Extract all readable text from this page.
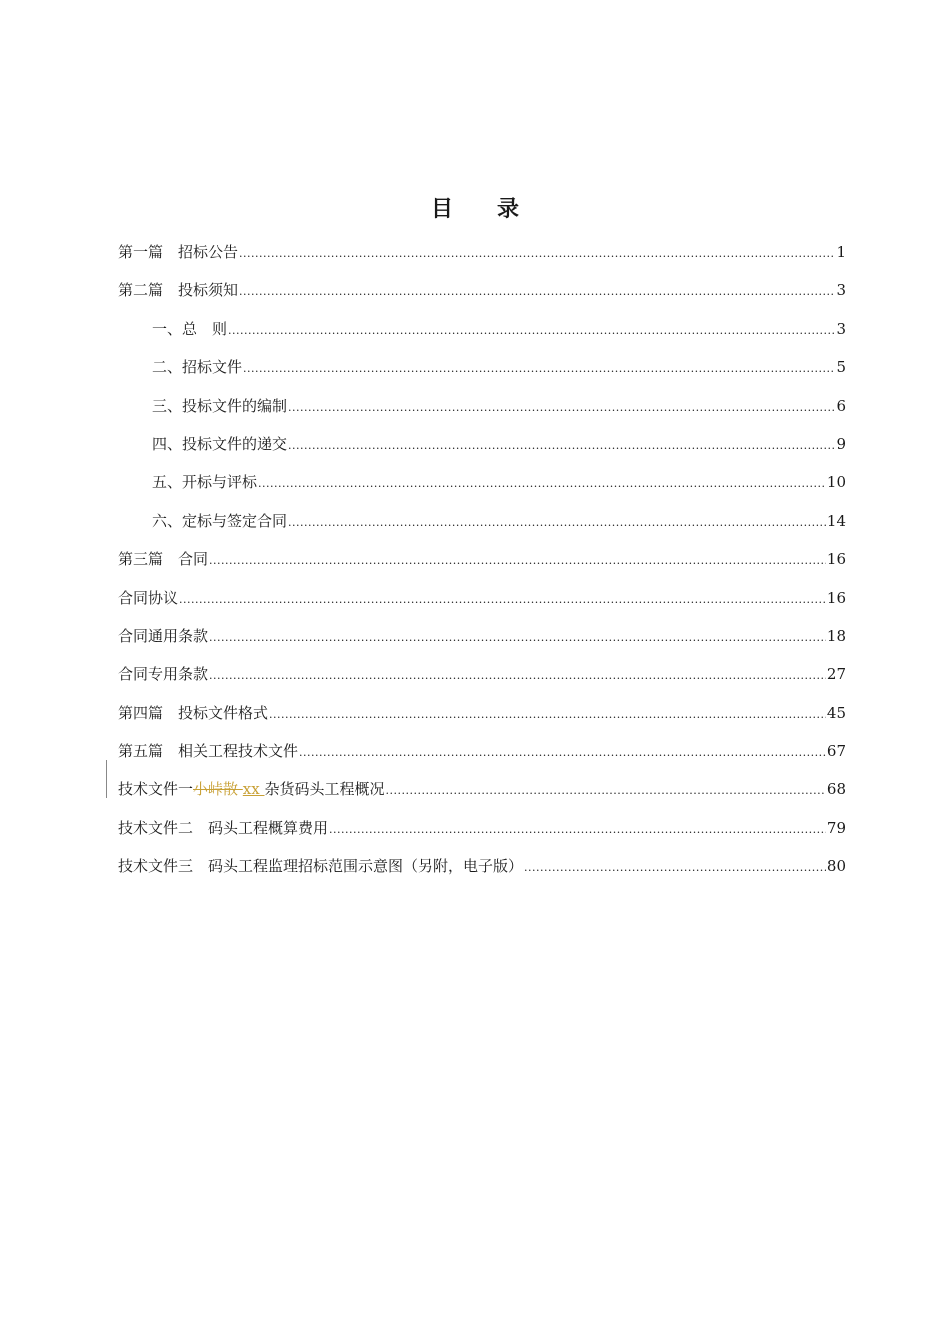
目录
第一篇　招标公告 .....	1
第二篇　投标须知 .....	3
一、总　则 .....	3
二、招标文件 .....	5
三、投标文件的编制 .....	6
四、投标文件的递交 .....	9
五、开标与评标 .....	10
六、定标与签定合同 .....	14
第三篇　合同 .....	16
合同协议 .....	16
合同通用条款 .....	18
合同专用条款 .....	27
第四篇　投标文件格式 .....	45
第五篇　相关工程技术文件 .....	67
技术文件一小峠散 xx 杂货码头工程概况 .....	68
技术文件二　码头工程概算费用 .....	79
技术文件三　码头工程监理招标范围示意图（另附，电子版） .....	80
